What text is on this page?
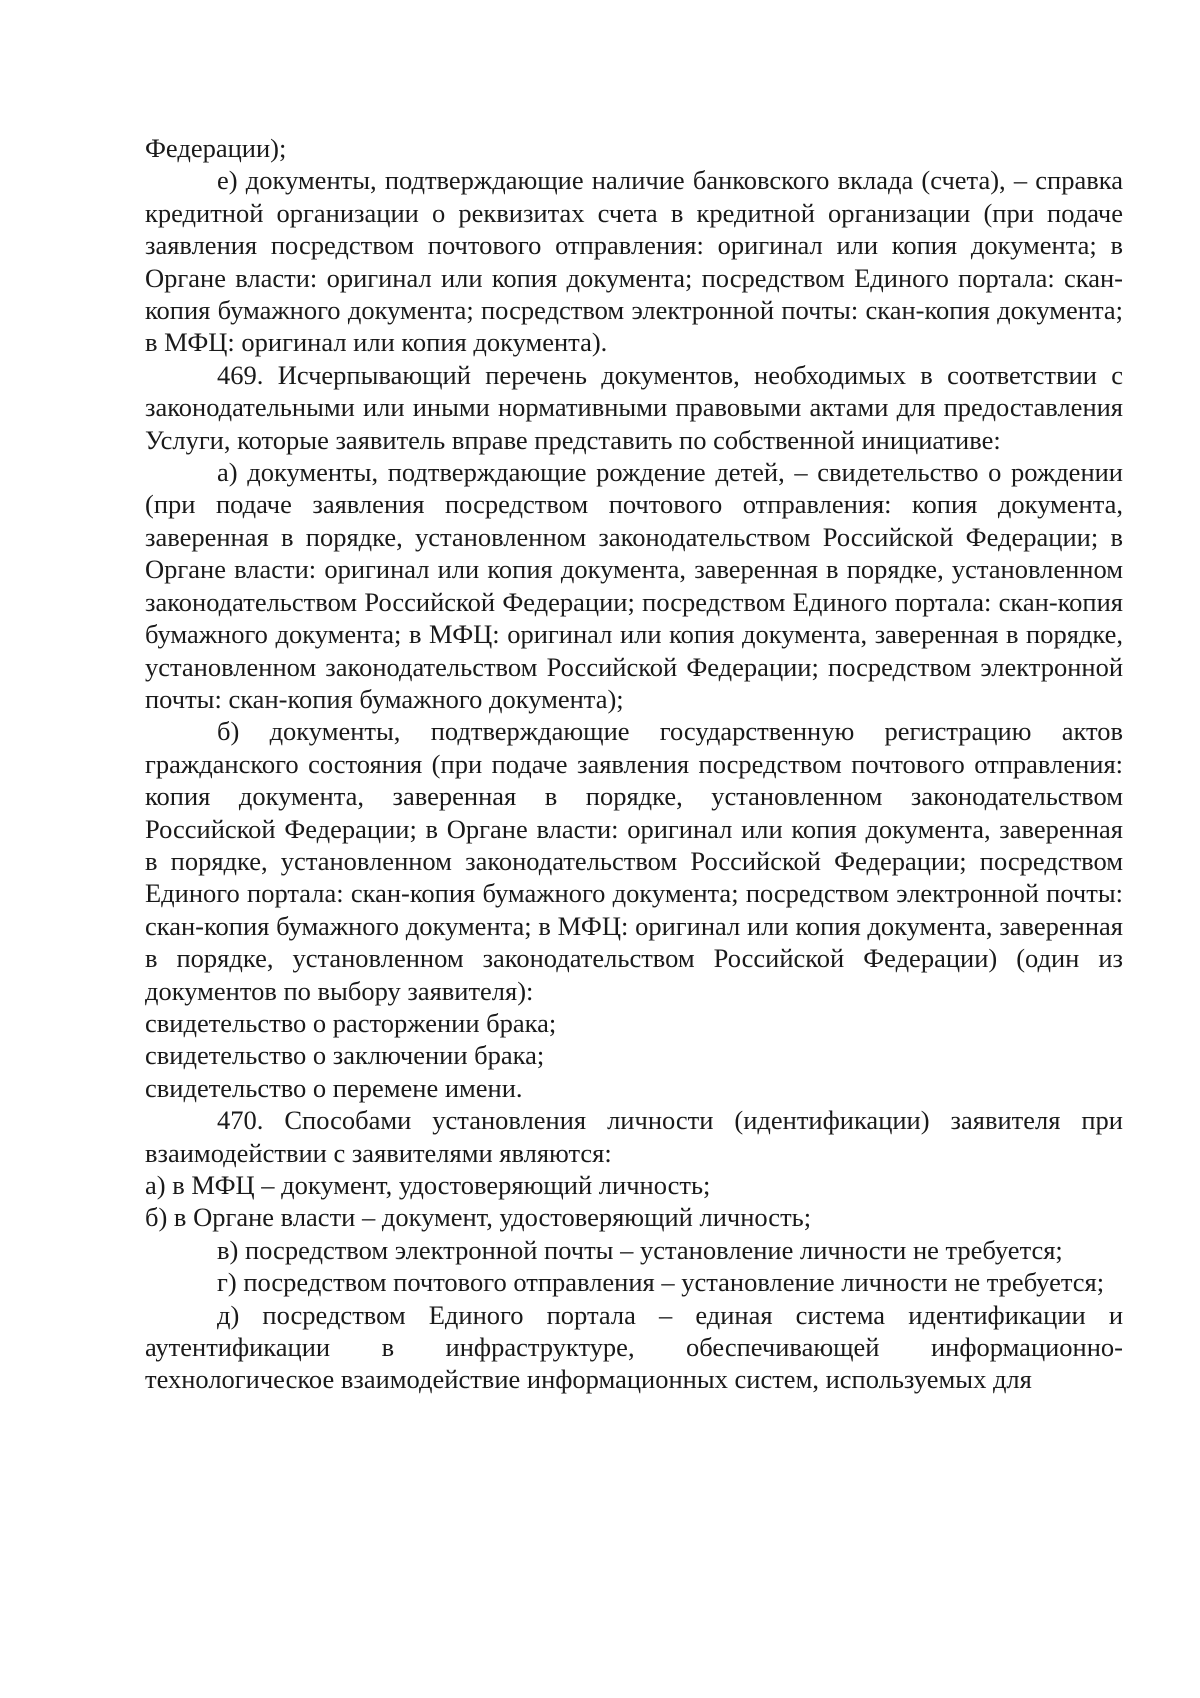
Федерации);

е) документы, подтверждающие наличие банковского вклада (счета), – справка кредитной организации о реквизитах счета в кредитной организации (при подаче заявления посредством почтового отправления: оригинал или копия документа; в Органе власти: оригинал или копия документа; посредством Единого портала: скан-копия бумажного документа; посредством электронной почты: скан-копия документа; в МФЦ: оригинал или копия документа).

469. Исчерпывающий перечень документов, необходимых в соответствии с законодательными или иными нормативными правовыми актами для предоставления Услуги, которые заявитель вправе представить по собственной инициативе:

а) документы, подтверждающие рождение детей, – свидетельство о рождении (при подаче заявления посредством почтового отправления: копия документа, заверенная в порядке, установленном законодательством Российской Федерации; в Органе власти: оригинал или копия документа, заверенная в порядке, установленном законодательством Российской Федерации; посредством Единого портала: скан-копия бумажного документа; в МФЦ: оригинал или копия документа, заверенная в порядке, установленном законодательством Российской Федерации; посредством электронной почты: скан-копия бумажного документа);

б) документы, подтверждающие государственную регистрацию актов гражданского состояния (при подаче заявления посредством почтового отправления: копия документа, заверенная в порядке, установленном законодательством Российской Федерации; в Органе власти: оригинал или копия документа, заверенная в порядке, установленном законодательством Российской Федерации; посредством Единого портала: скан-копия бумажного документа; посредством электронной почты: скан-копия бумажного документа; в МФЦ: оригинал или копия документа, заверенная в порядке, установленном законодательством Российской Федерации) (один из документов по выбору заявителя):

свидетельство о расторжении брака;

свидетельство о заключении брака;

свидетельство о перемене имени.

470. Способами установления личности (идентификации) заявителя при взаимодействии с заявителями являются:

а) в МФЦ – документ, удостоверяющий личность;

б) в Органе власти – документ, удостоверяющий личность;

в) посредством электронной почты – установление личности не требуется;

г) посредством почтового отправления – установление личности не требуется;

д) посредством Единого портала – единая система идентификации и аутентификации в инфраструктуре, обеспечивающей информационно-технологическое взаимодействие информационных систем, используемых для
